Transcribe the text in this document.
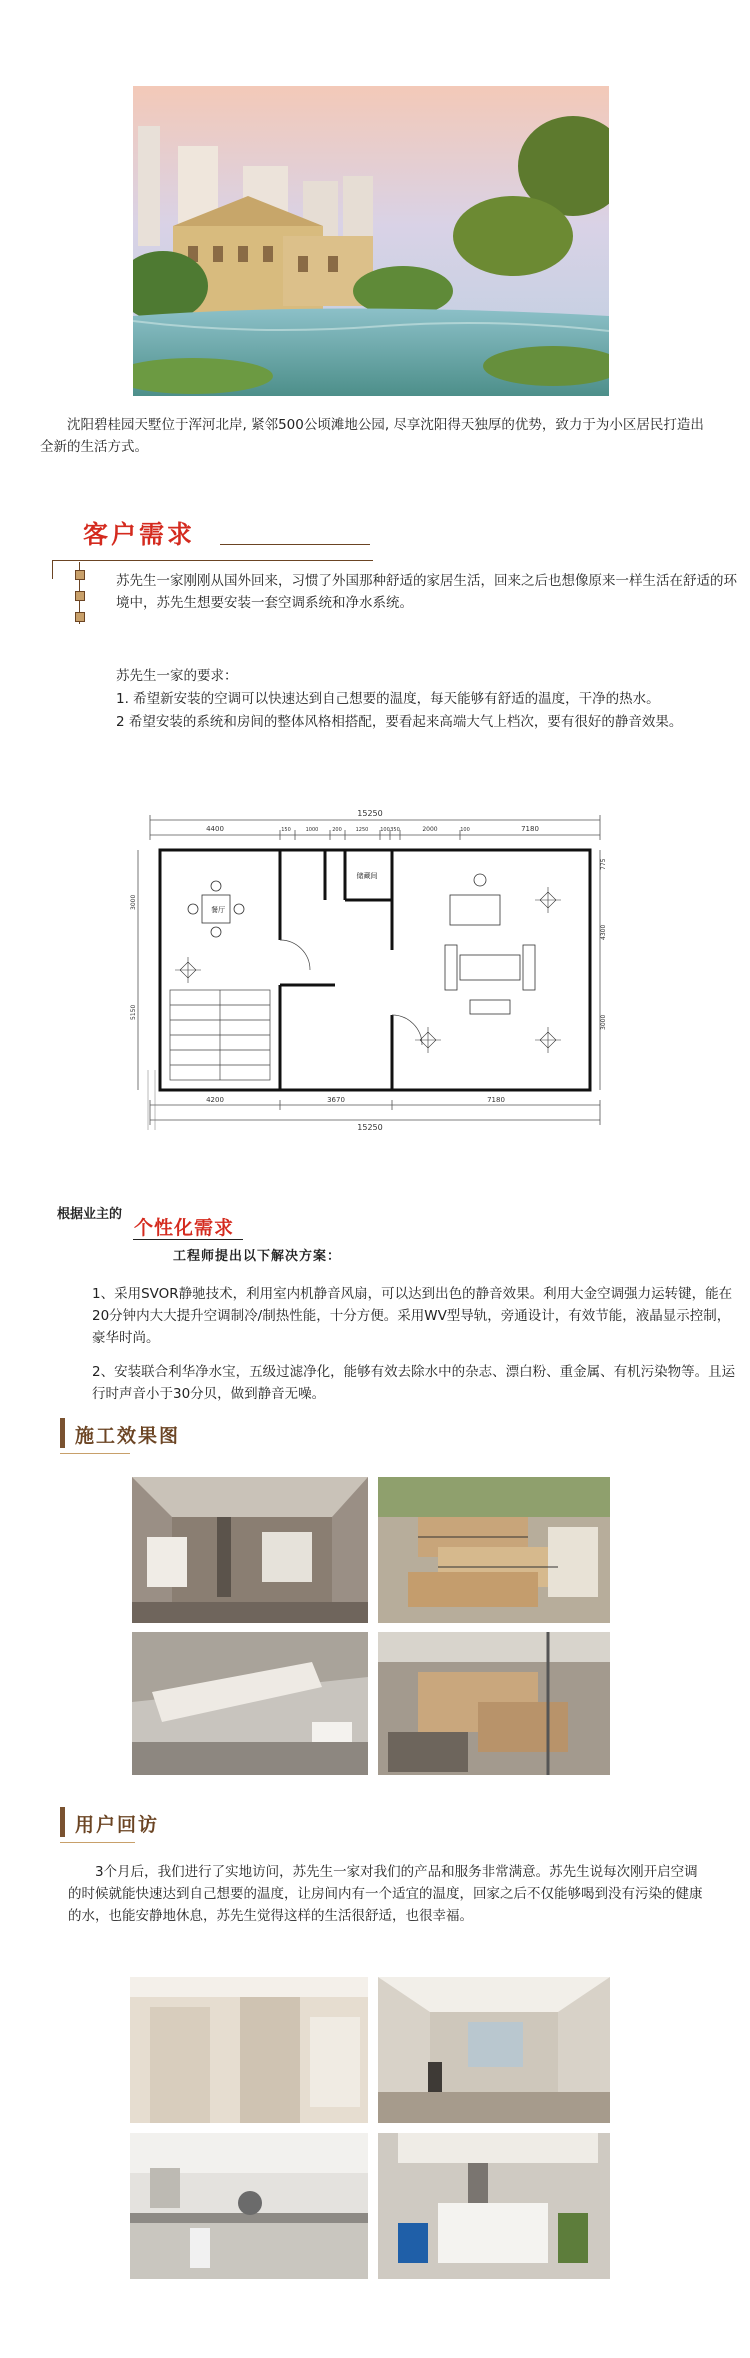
沈阳碧桂园天墅位于浑河北岸, 紧邻500公顷滩地公园, 尽享沈阳得天独厚的优势，致力于为小区居民打造出全新的生活方式。
客户需求
苏先生一家刚刚从国外回来，习惯了外国那种舒适的家居生活，回来之后也想像原来一样生活在舒适的环境中，苏先生想要安装一套空调系统和净水系统。
苏先生一家的要求：
1. 希望新安装的空调可以快速达到自己想要的温度，每天能够有舒适的温度，干净的热水。
2 希望安装的系统和房间的整体风格相搭配，要看起来高端大气上档次，要有很好的静音效果。
15250
4400	150	1000	200	1250 100 350	2000	100	7180
4200	3670	7180
15250
3000
5150
775
4300
3000
餐厅
储藏间
根据业主的
个性化需求
工程师提出以下解决方案：
1、采用SVOR静驰技术，利用室内机静音风扇，可以达到出色的静音效果。利用大金空调强力运转键，能在20分钟内大大提升空调制冷/制热性能，十分方便。采用WV型导轨，旁通设计，有效节能，液晶显示控制，豪华时尚。
2、安装联合利华净水宝，五级过滤净化，能够有效去除水中的杂志、漂白粉、重金属、有机污染物等。且运行时声音小于30分贝，做到静音无噪。
施工效果图
用户回访
3个月后，我们进行了实地访问，苏先生一家对我们的产品和服务非常满意。苏先生说每次刚开启空调的时候就能快速达到自己想要的温度，让房间内有一个适宜的温度，回家之后不仅能够喝到没有污染的健康的水，也能安静地休息，苏先生觉得这样的生活很舒适，也很幸福。
